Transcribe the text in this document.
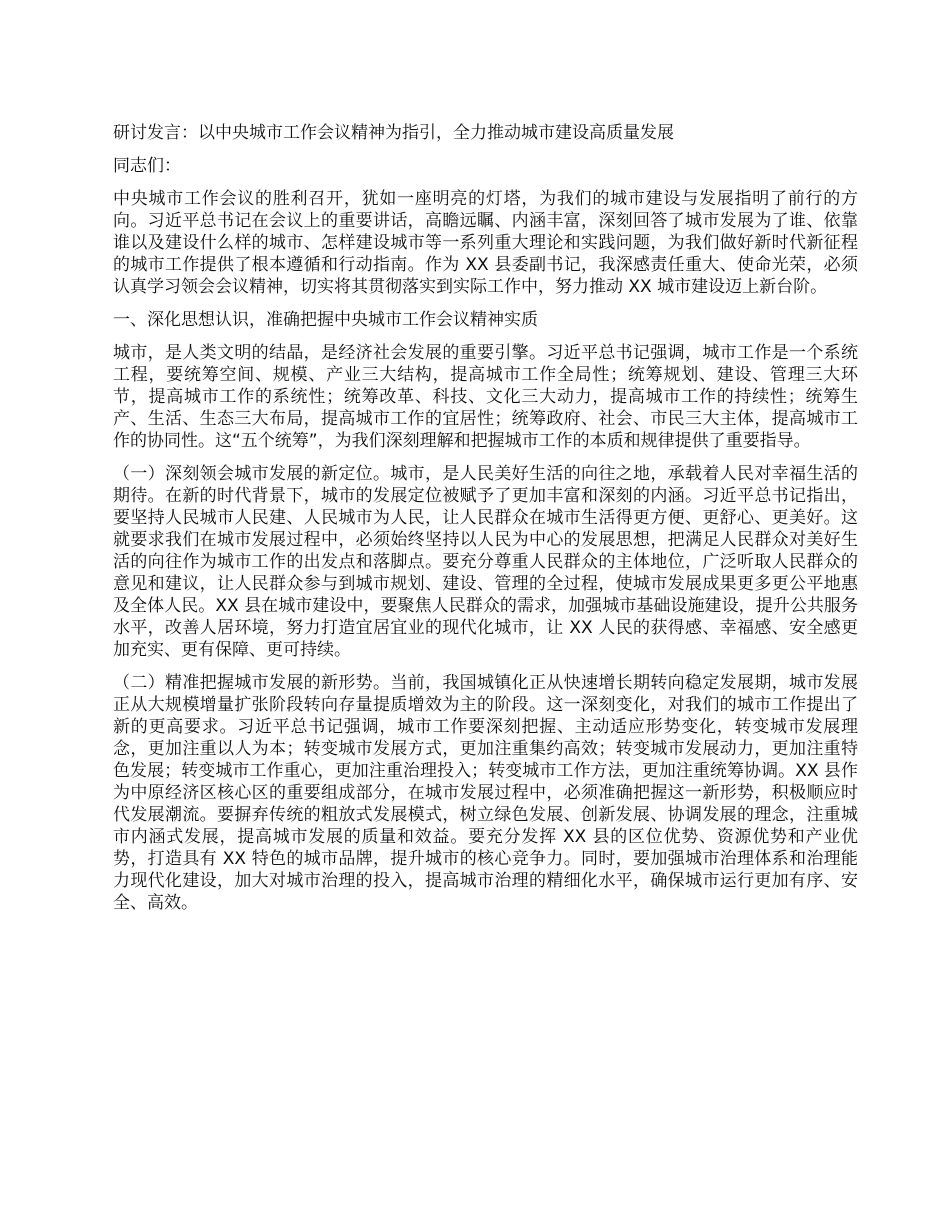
研讨发言：以中央城市工作会议精神为指引，全力推动城市建设高质量发展

同志们：

中央城市工作会议的胜利召开，犹如一座明亮的灯塔，为我们的城市建设与发展指明了前行的方向。习近平总书记在会议上的重要讲话，高瞻远瞩、内涵丰富，深刻回答了城市发展为了谁、依靠谁以及建设什么样的城市、怎样建设城市等一系列重大理论和实践问题，为我们做好新时代新征程的城市工作提供了根本遵循和行动指南。作为 XX 县委副书记，我深感责任重大、使命光荣，必须认真学习领会会议精神，切实将其贯彻落实到实际工作中，努力推动 XX 城市建设迈上新台阶。

一、深化思想认识，准确把握中央城市工作会议精神实质

城市，是人类文明的结晶，是经济社会发展的重要引擎。习近平总书记强调，城市工作是一个系统工程，要统筹空间、规模、产业三大结构，提高城市工作全局性；统筹规划、建设、管理三大环节，提高城市工作的系统性；统筹改革、科技、文化三大动力，提高城市工作的持续性；统筹生产、生活、生态三大布局，提高城市工作的宜居性；统筹政府、社会、市民三大主体，提高城市工作的协同性。这“五个统筹”，为我们深刻理解和把握城市工作的本质和规律提供了重要指导。

（一）深刻领会城市发展的新定位。城市，是人民美好生活的向往之地，承载着人民对幸福生活的期待。在新的时代背景下，城市的发展定位被赋予了更加丰富和深刻的内涵。习近平总书记指出，要坚持人民城市人民建、人民城市为人民，让人民群众在城市生活得更方便、更舒心、更美好。这就要求我们在城市发展过程中，必须始终坚持以人民为中心的发展思想，把满足人民群众对美好生活的向往作为城市工作的出发点和落脚点。要充分尊重人民群众的主体地位，广泛听取人民群众的意见和建议，让人民群众参与到城市规划、建设、管理的全过程，使城市发展成果更多更公平地惠及全体人民。XX 县在城市建设中，要聚焦人民群众的需求，加强城市基础设施建设，提升公共服务水平，改善人居环境，努力打造宜居宜业的现代化城市，让 XX 人民的获得感、幸福感、安全感更加充实、更有保障、更可持续。

（二）精准把握城市发展的新形势。当前，我国城镇化正从快速增长期转向稳定发展期，城市发展正从大规模增量扩张阶段转向存量提质增效为主的阶段。这一深刻变化，对我们的城市工作提出了新的更高要求。习近平总书记强调，城市工作要深刻把握、主动适应形势变化，转变城市发展理念，更加注重以人为本；转变城市发展方式，更加注重集约高效；转变城市发展动力，更加注重特色发展；转变城市工作重心，更加注重治理投入；转变城市工作方法，更加注重统筹协调。XX 县作为中原经济区核心区的重要组成部分，在城市发展过程中，必须准确把握这一新形势，积极顺应时代发展潮流。要摒弃传统的粗放式发展模式，树立绿色发展、创新发展、协调发展的理念，注重城市内涵式发展，提高城市发展的质量和效益。要充分发挥 XX 县的区位优势、资源优势和产业优势，打造具有 XX 特色的城市品牌，提升城市的核心竞争力。同时，要加强城市治理体系和治理能力现代化建设，加大对城市治理的投入，提高城市治理的精细化水平，确保城市运行更加有序、安全、高效。
